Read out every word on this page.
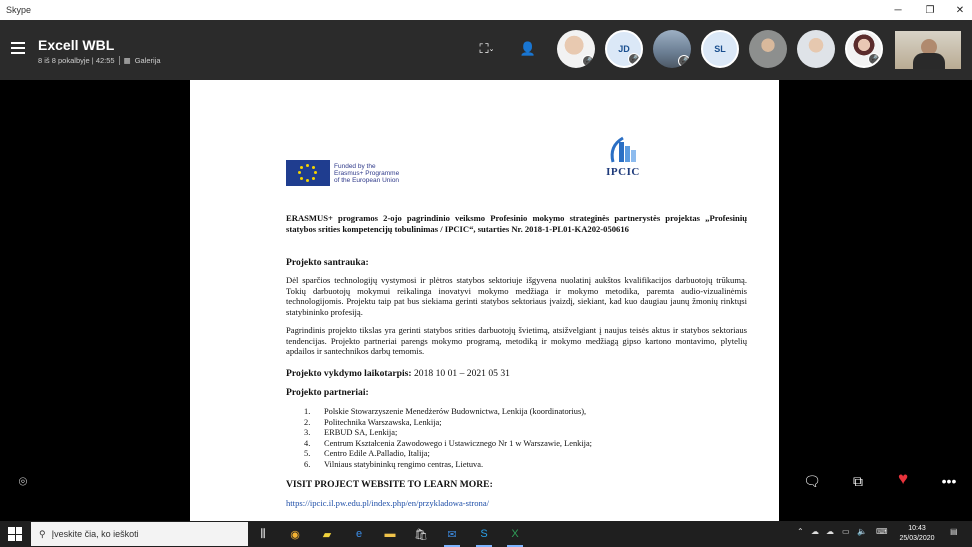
Skype	─	❐	✕
Excell WBL
8 iš 8 pokalbyje | 42:55 ▦ Galerija
⛶ ⌄ 👤
🎤
JD
🎤	🎤
SL
🎤
Funded by the
Erasmus+ Programme
of the European Union
IPCIC
ERASMUS+ programos 2-ojo pagrindinio veiksmo Profesinio mokymo strateginės partnerystės projektas „Profesinių statybos srities kompetencijų tobulinimas / IPCIC“, sutarties Nr. 2018-1-PL01-KA202-050616
Projekto santrauka:
Dėl sparčios technologijų vystymosi ir plėtros statybos sektoriuje išgyvena nuolatinį aukštos kvalifikacijos darbuotojų trūkumą. Tokių darbuotojų mokymui reikalinga inovatyvi mokymo medžiaga ir mokymo metodika, paremta audio-vizualinėmis technologijomis. Projektu taip pat bus siekiama gerinti statybos sektoriaus įvaizdį, siekiant, kad kuo daugiau jaunų žmonių rinktųsi statybininko profesiją.
Pagrindinis projekto tikslas yra gerinti statybos srities darbuotojų švietimą, atsižvelgiant į naujus teisės aktus ir statybos sektoriaus tendencijas. Projekto partneriai parengs mokymo programą, metodiką ir mokymo medžiagą gipso kartono montavimo, plytelių apdailos ir santechnikos darbų temomis.
Projekto vykdymo laikotarpis: 2018 10 01 – 2021 05 31
Projekto partneriai:
1. Polskie Stowarzyszenie Menedżerów Budownictwa, Lenkija (koordinatorius),
2. Politechnika Warszawska, Lenkija;
3. ERBUD SA, Lenkija;
4. Centrum Kształcenia Zawodowego i Ustawicznego Nr 1 w Warszawie, Lenkija;
5. Centro Edile A.Palladio, Italija;
6. Vilniaus statybininkų rengimo centras, Lietuva.
VISIT PROJECT WEBSITE TO LEARN MORE:
https://ipcic.il.pw.edu.pl/index.php/en/przykladowa-strona/
⌾	🗨	⧉	♥	•••
⚲ Įveskite čia, ko ieškoti	⫼	◉	▰	e	▬	🛍	✉	S	X	⌃ ☁ ☁ ▭ 🔈 ⌨	10:43
25/03/2020
▤
